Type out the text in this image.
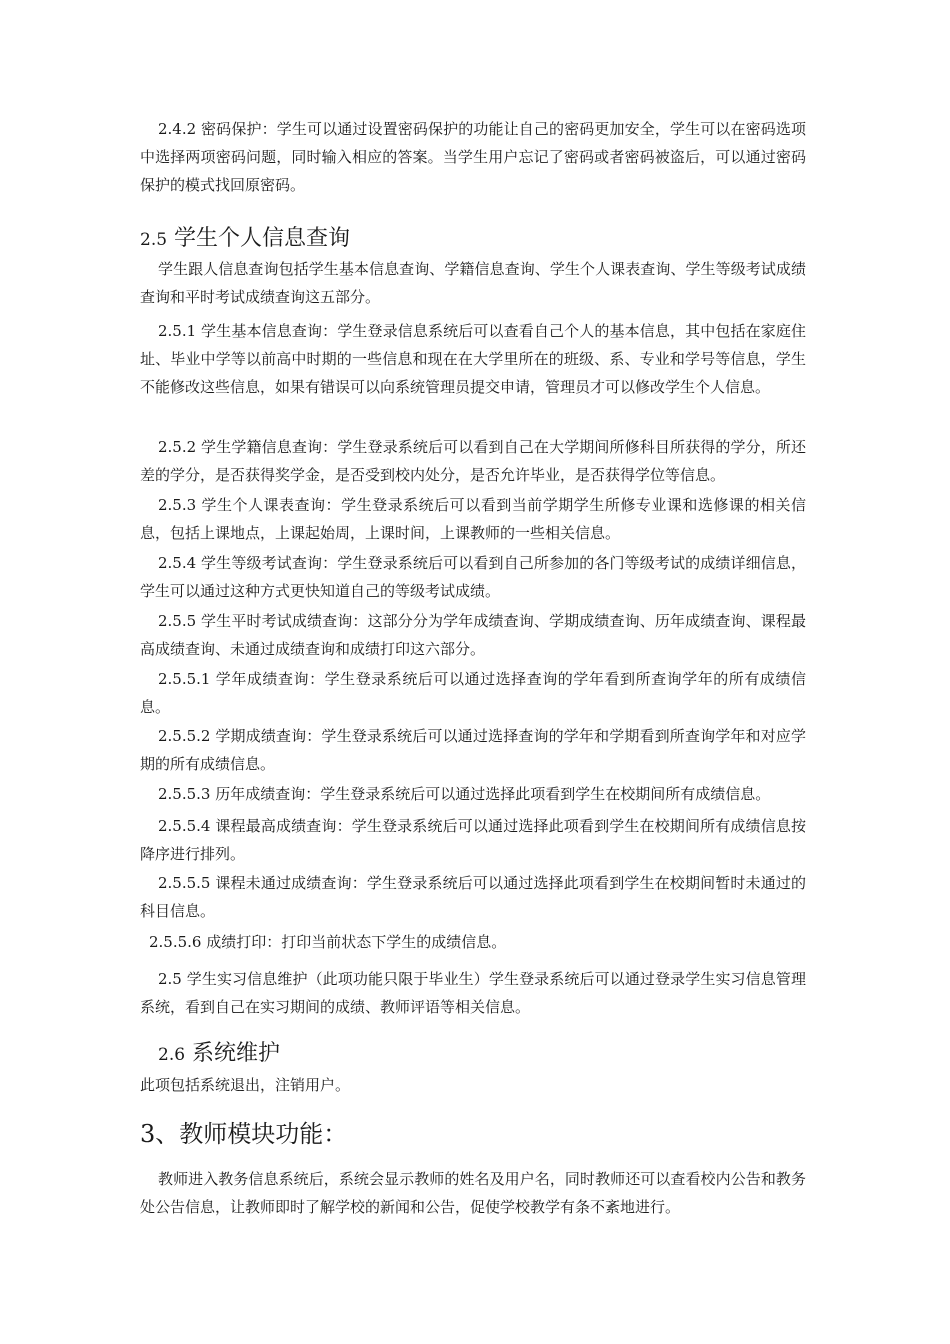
2.4.2 密码保护：学生可以通过设置密码保护的功能让自己的密码更加安全，学生可以在密码选项中选择两项密码问题，同时输入相应的答案。当学生用户忘记了密码或者密码被盗后，可以通过密码保护的模式找回原密码。

2.5 学生个人信息查询

学生跟人信息查询包括学生基本信息查询、学籍信息查询、学生个人课表查询、学生等级考试成绩查询和平时考试成绩查询这五部分。

2.5.1 学生基本信息查询：学生登录信息系统后可以查看自己个人的基本信息，其中包括在家庭住址、毕业中学等以前高中时期的一些信息和现在在大学里所在的班级、系、专业和学号等信息，学生不能修改这些信息，如果有错误可以向系统管理员提交申请，管理员才可以修改学生个人信息。

2.5.2 学生学籍信息查询：学生登录系统后可以看到自己在大学期间所修科目所获得的学分，所还差的学分，是否获得奖学金，是否受到校内处分，是否允许毕业，是否获得学位等信息。

2.5.3 学生个人课表查询：学生登录系统后可以看到当前学期学生所修专业课和选修课的相关信息，包括上课地点，上课起始周，上课时间，上课教师的一些相关信息。

2.5.4 学生等级考试查询：学生登录系统后可以看到自己所参加的各门等级考试的成绩详细信息，学生可以通过这种方式更快知道自己的等级考试成绩。

2.5.5 学生平时考试成绩查询：这部分分为学年成绩查询、学期成绩查询、历年成绩查询、课程最高成绩查询、未通过成绩查询和成绩打印这六部分。

2.5.5.1 学年成绩查询：学生登录系统后可以通过选择查询的学年看到所查询学年的所有成绩信息。

2.5.5.2 学期成绩查询：学生登录系统后可以通过选择查询的学年和学期看到所查询学年和对应学期的所有成绩信息。

2.5.5.3 历年成绩查询：学生登录系统后可以通过选择此项看到学生在校期间所有成绩信息。

2.5.5.4 课程最高成绩查询：学生登录系统后可以通过选择此项看到学生在校期间所有成绩信息按降序进行排列。

2.5.5.5 课程未通过成绩查询：学生登录系统后可以通过选择此项看到学生在校期间暂时未通过的科目信息。

2.5.5.6 成绩打印：打印当前状态下学生的成绩信息。

2.5 学生实习信息维护（此项功能只限于毕业生）学生登录系统后可以通过登录学生实习信息管理系统，看到自己在实习期间的成绩、教师评语等相关信息。

2.6 系统维护

此项包括系统退出，注销用户。

3、教师模块功能：

教师进入教务信息系统后，系统会显示教师的姓名及用户名，同时教师还可以查看校内公告和教务处公告信息，让教师即时了解学校的新闻和公告，促使学校教学有条不紊地进行。
